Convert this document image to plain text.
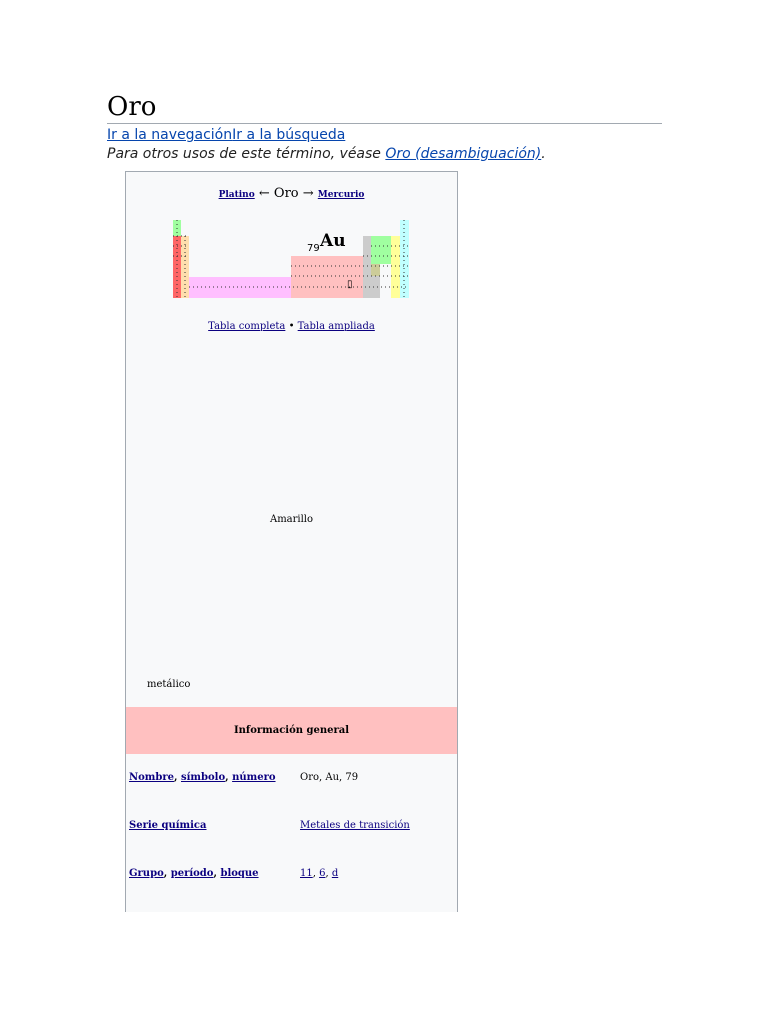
Oro
Ir a la navegaciónIr a la búsqueda
Para otros usos de este término, véase Oro (desambiguación).
Platino ← Oro → Mercurio
79 Au
▯
Tabla completa • Tabla ampliada
Amarillo
metálico
Información general
Nombre, símbolo, número Oro, Au, 79
Serie química	Metales de transición
Grupo, período, bloque	11, 6, d
